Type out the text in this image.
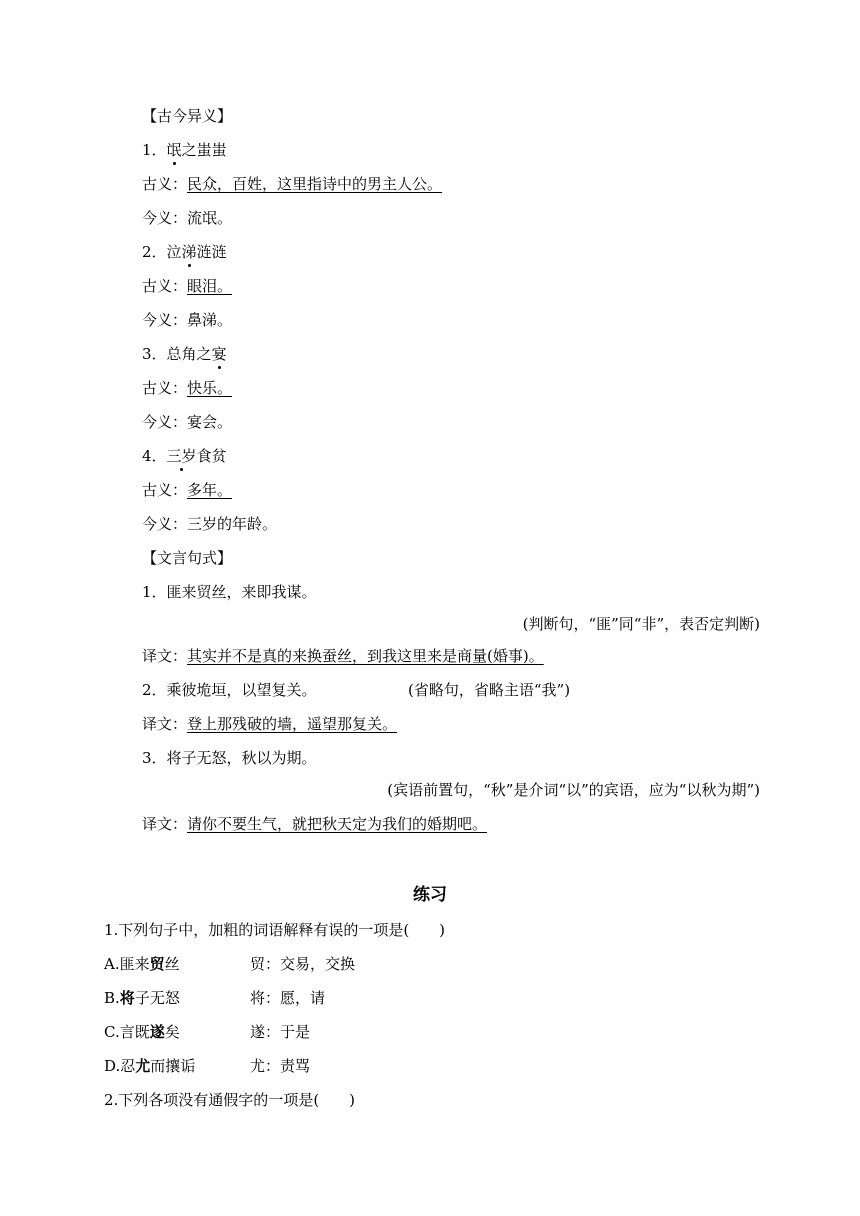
【古今异义】
1．氓之蚩蚩
古义：民众，百姓，这里指诗中的男主人公。
今义：流氓。
2．泣涕涟涟
古义：眼泪。
今义：鼻涕。
3．总角之宴
古义：快乐。
今义：宴会。
4．三岁食贫
古义：多年。
今义：三岁的年龄。
【文言句式】
1．匪来贸丝，来即我谋。
(判断句，“匪”同“非”，表否定判断)
译文：其实并不是真的来换蚕丝，到我这里来是商量(婚事)。
2．乘彼垝垣，以望复关。	(省略句，省略主语“我”)
译文：登上那残破的墙，遥望那复关。
3．将子无怒，秋以为期。
(宾语前置句，“秋”是介词“以”的宾语，应为“以秋为期”)
译文：请你不要生气，就把秋天定为我们的婚期吧。
练习
1.下列句子中，加粗的词语解释有误的一项是(　　)
A.匪来贸丝	贸：交易，交换
B.将子无怒	将：愿，请
C.言既遂矣	遂：于是
D.忍尤而攘诟	尤：责骂
2.下列各项没有通假字的一项是(　　)
